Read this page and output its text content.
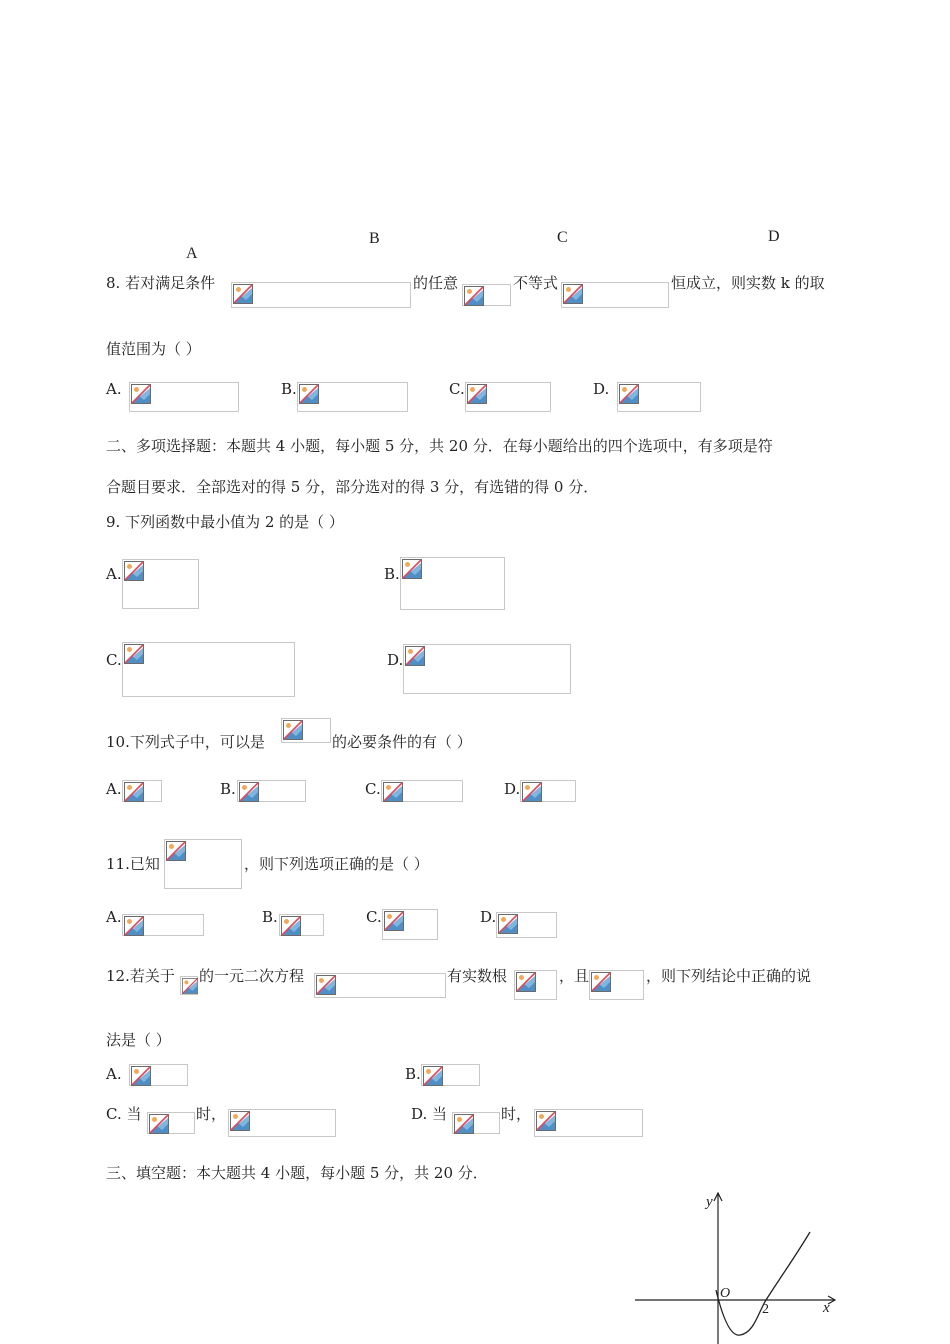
A
B	C	D
8. 若对满足条件	的任意	不等式	恒成立，则实数 k 的取
值范围为（ ）
A.	B.	C.	D.
二、多项选择题：本题共 4 小题，每小题 5 分，共 20 分．在每小题给出的四个选项中，有多项是符
合题目要求．全部选对的得 5 分，部分选对的得 3 分，有选错的得 0 分．
9. 下列函数中最小值为 2 的是（ ）
A.	B.
C.	D.
10.下列式子中，可以是	的必要条件的有（ ）
A.	B.	C.	D.
11.已知	，则下列选项正确的是（ ）
A.	B.	C.	D.
12.若关于 的一元二次方程	有实数根	，且	，则下列结论中正确的说
法是（ ）
A.	B.
C. 当	时，	D. 当	时，
三、填空题：本大题共 4 小题，每小题 5 分，共 20 分．
y
x
O
2
